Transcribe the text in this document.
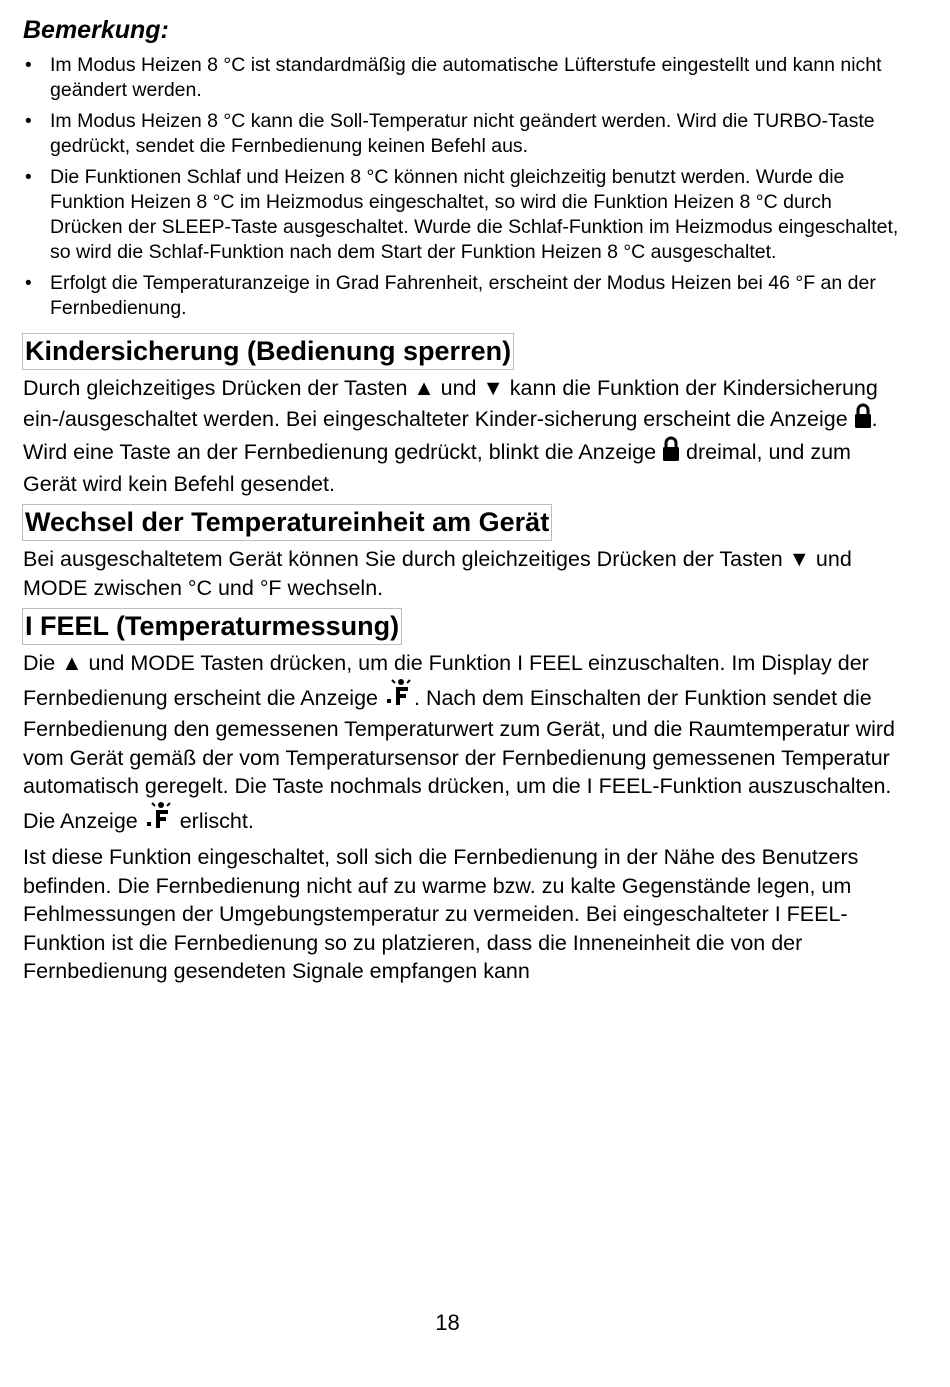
Bemerkung:
• Im Modus Heizen 8 °C ist standardmäßig die automatische Lüfterstufe eingestellt und kann nicht geändert werden.
• Im Modus Heizen 8 °C kann die Soll-Temperatur nicht geändert werden. Wird die TURBO-Taste gedrückt, sendet die Fernbedienung keinen Befehl aus.
• Die Funktionen Schlaf und Heizen 8 °C können nicht gleichzeitig benutzt werden. Wurde die Funktion Heizen 8 °C im Heizmodus eingeschaltet, so wird die Funktion Heizen 8 °C durch Drücken der SLEEP-Taste ausgeschaltet. Wurde die Schlaf-Funktion im Heizmodus eingeschaltet, so wird die Schlaf-Funktion nach dem Start der Funktion Heizen 8 °C ausgeschaltet.
• Erfolgt die Temperaturanzeige in Grad Fahrenheit, erscheint der Modus Heizen bei 46 °F an der Fernbedienung.
Kindersicherung (Bedienung sperren)

Durch gleichzeitiges Drücken der Tasten ▲ und ▼ kann die Funktion der Kindersicherung ein-/ausgeschaltet werden. Bei eingeschalteter Kinder-sicherung erscheint die Anzeige . Wird eine Taste an der Fernbedienung gedrückt, blinkt die Anzeige dreimal, und zum Gerät wird kein Befehl gesendet.

Wechsel der Temperatureinheit am Gerät

Bei ausgeschaltetem Gerät können Sie durch gleichzeitiges Drücken der Tasten ▼ und MODE zwischen °C und °F wechseln.

I FEEL (Temperaturmessung)

Die ▲ und MODE Tasten drücken, um die Funktion I FEEL einzuschalten. Im Display der Fernbedienung erscheint die Anzeige . Nach dem Einschalten der Funktion sendet die Fernbedienung den gemessenen Temperaturwert zum Gerät, und die Raumtemperatur wird vom Gerät gemäß der vom Temperatursensor der Fernbedienung gemessenen Temperatur automatisch geregelt. Die Taste nochmals drücken, um die I FEEL-Funktion auszuschalten. Die Anzeige erlischt.

Ist diese Funktion eingeschaltet, soll sich die Fernbedienung in der Nähe des Benutzers befinden. Die Fernbedienung nicht auf zu warme bzw. zu kalte Gegenstände legen, um Fehlmessungen der Umgebungstemperatur zu vermeiden. Bei eingeschalteter I FEEL-Funktion ist die Fernbedienung so zu platzieren, dass die Inneneinheit die von der Fernbedienung gesendeten Signale empfangen kann

18
